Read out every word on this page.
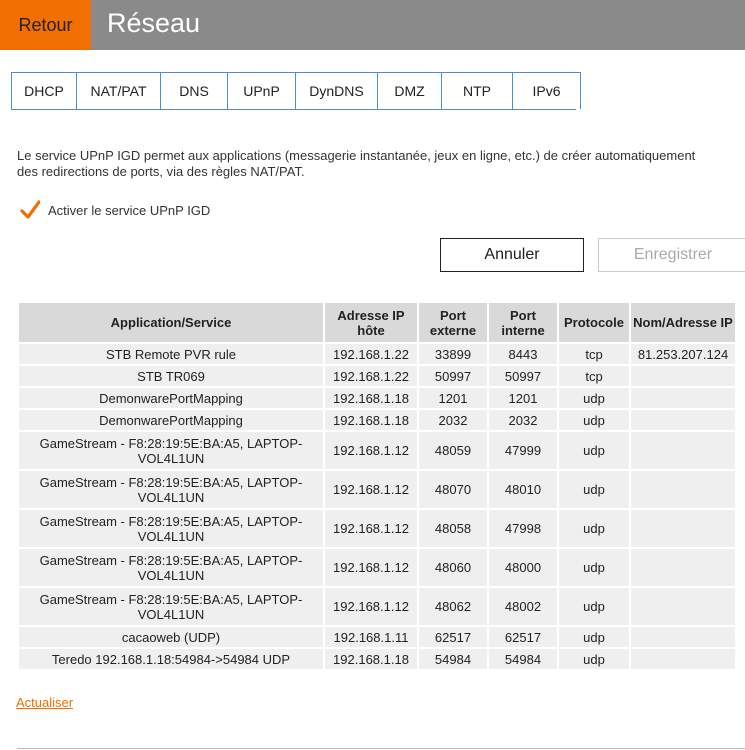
Retour	Réseau
DHCP	NAT/PAT	DNS	UPnP	DynDNS	DMZ	NTP	IPv6
Le service UPnP IGD permet aux applications (messagerie instantanée, jeux en ligne, etc.) de créer automatiquement des redirections de ports, via des règles NAT/PAT.
Activer le service UPnP IGD
Annuler	Enregistrer
Application/Service	Adresse IP hôte	Port externe	Port interne	Protocole	Nom/Adresse IP
STB Remote PVR rule	192.168.1.22	33899	8443	tcp	81.253.207.124
STB TR069	192.168.1.22	50997	50997	tcp	
DemonwarePortMapping	192.168.1.18	1201	1201	udp	
DemonwarePortMapping	192.168.1.18	2032	2032	udp	
GameStream - F8:28:19:5E:BA:A5, LAPTOP-VOL4L1UN	192.168.1.12	48059	47999	udp	
GameStream - F8:28:19:5E:BA:A5, LAPTOP-VOL4L1UN	192.168.1.12	48070	48010	udp	
GameStream - F8:28:19:5E:BA:A5, LAPTOP-VOL4L1UN	192.168.1.12	48058	47998	udp	
GameStream - F8:28:19:5E:BA:A5, LAPTOP-VOL4L1UN	192.168.1.12	48060	48000	udp	
GameStream - F8:28:19:5E:BA:A5, LAPTOP-VOL4L1UN	192.168.1.12	48062	48002	udp	
cacaoweb (UDP)	192.168.1.11	62517	62517	udp	
Teredo 192.168.1.18:54984->54984 UDP	192.168.1.18	54984	54984	udp	
Actualiser
